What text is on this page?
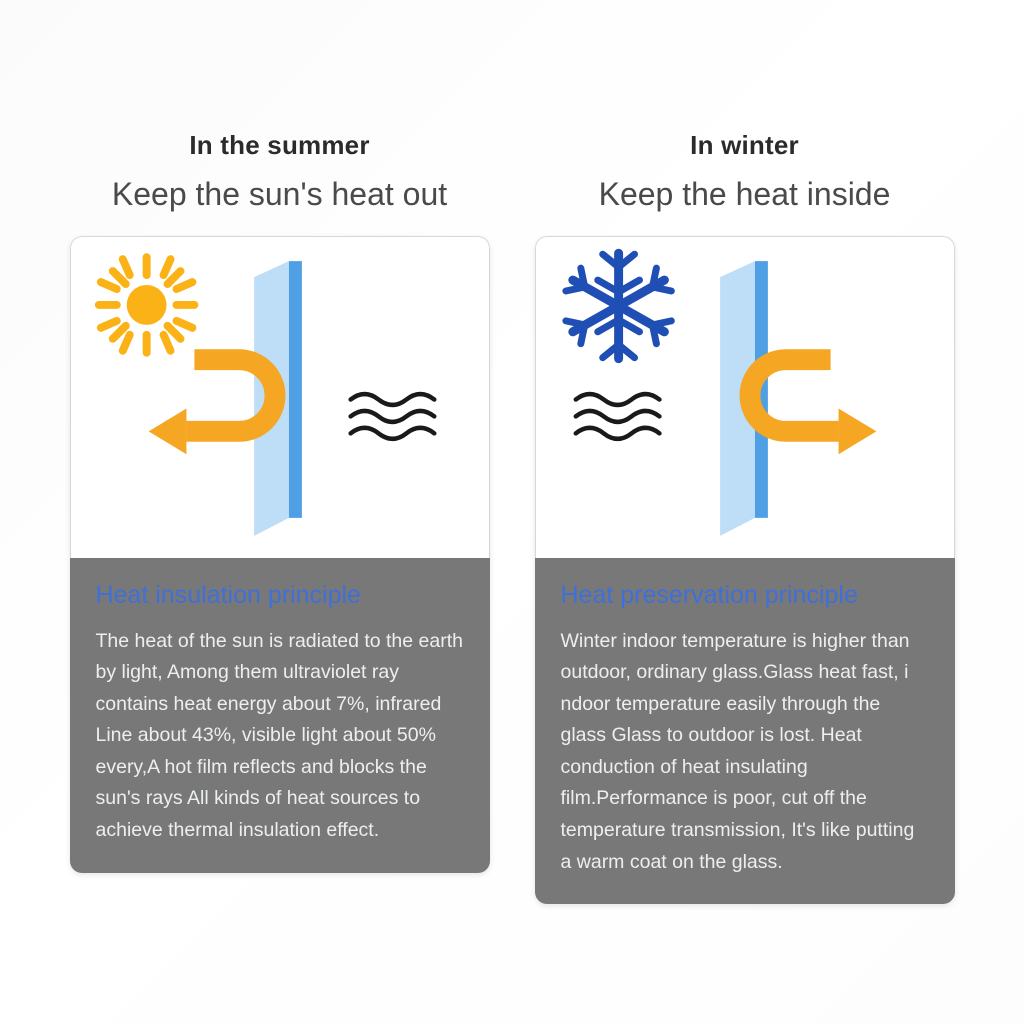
In the summer
Keep the sun's heat out
Heat insulation principle
The heat of the sun is radiated to the earth by light, Among them ultraviolet ray contains heat energy about 7%, infrared Line about 43%, visible light about 50% every,A hot film reflects and blocks the sun's rays All kinds of heat sources to achieve thermal insulation effect.
In winter
Keep the heat inside
Heat preservation principle
Winter indoor temperature is higher than outdoor, ordinary glass.Glass heat fast, i ndoor temperature easily through the glass Glass to outdoor is lost. Heat conduction of heat insulating film.Performance is poor, cut off the temperature transmission, It's like putting a warm coat on the glass.
